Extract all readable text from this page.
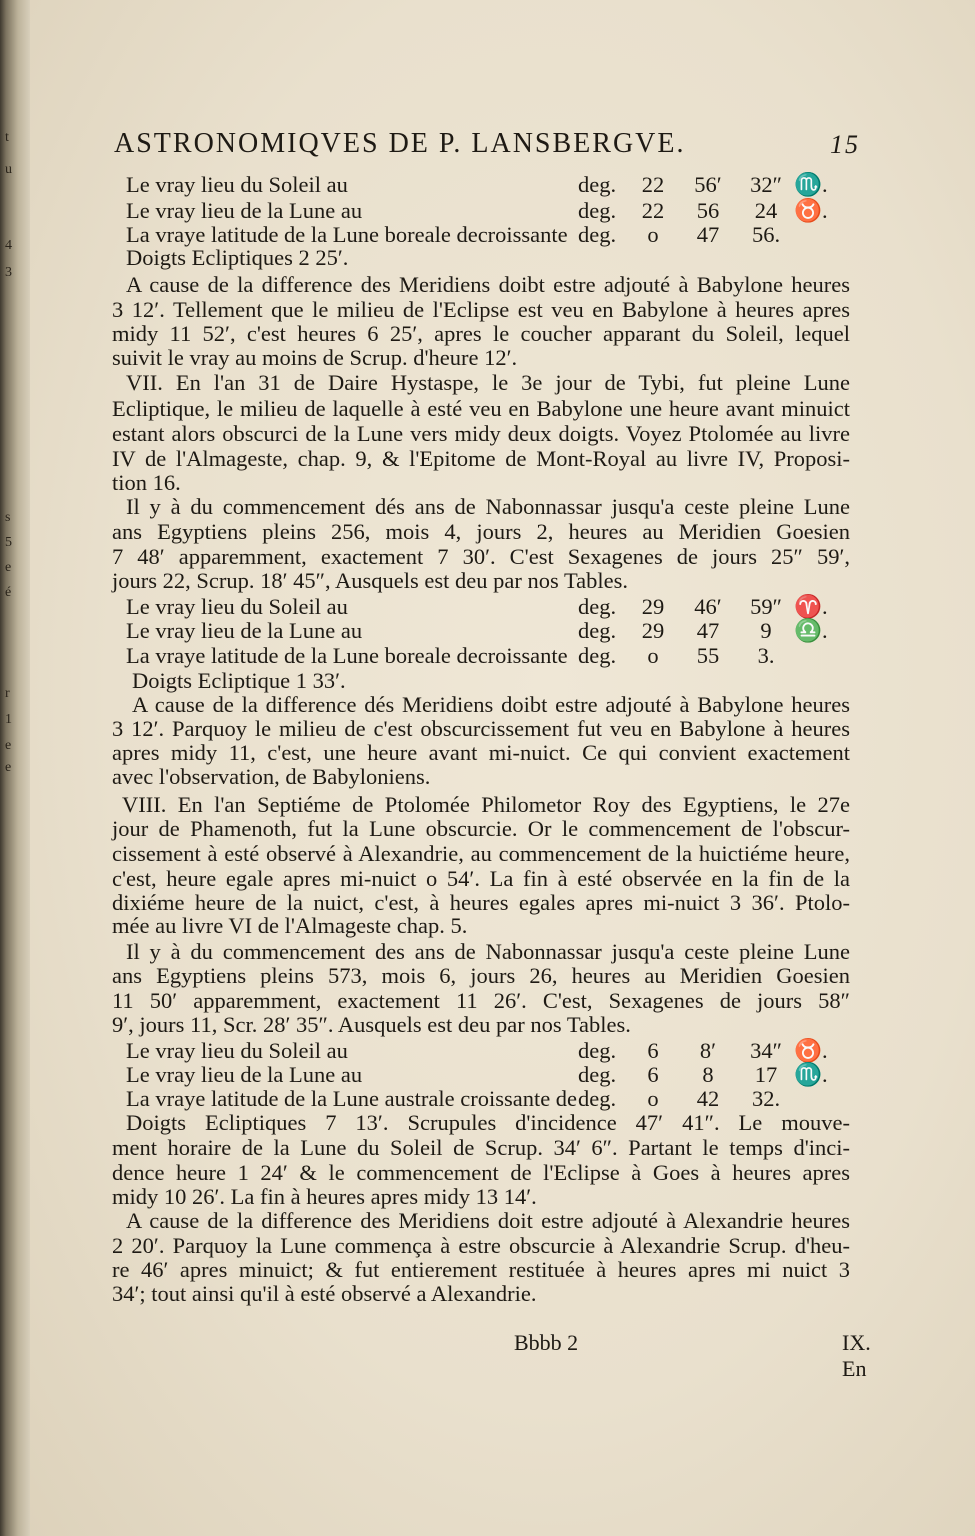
t
u
4
3
s
5
e
é
r
1
e
e
ASTRONOMIQVES DE P. LANSBERGVE.	15
Le vray lieu du Soleil au	deg. 22 56′ 32″ ♏.
Le vray lieu de la Lune au	deg. 22	56	24 ♉.
La vraye latitude de la Lune boreale decroissante deg.	o	47	56.
Doigts Ecliptiques 2 25′.
A cause de la difference des Meridiens doibt estre adjouté à Babylone heures
3 12′. Tellement que le milieu de l'Eclipse est veu en Babylone à heures apres
midy 11 52′, c'est heures 6 25′, apres le coucher apparant du Soleil, lequel
suivit le vray au moins de Scrup. d'heure 12′.
VII. En l'an 31 de Daire Hystaspe, le 3e jour de Tybi, fut pleine Lune
Ecliptique, le milieu de laquelle à esté veu en Babylone une heure avant minuict
estant alors obscurci de la Lune vers midy deux doigts. Voyez Ptolomée au livre
IV de l'Almageste, chap. 9, & l'Epitome de Mont-Royal au livre IV, Proposi-
tion 16.
Il y à du commencement dés ans de Nabonnassar jusqu'a ceste pleine Lune
ans Egyptiens pleins 256, mois 4, jours 2, heures au Meridien Goesien
7 48′ apparemment, exactement 7 30′. C'est Sexagenes de jours 25″ 59′,
jours 22, Scrup. 18′ 45″, Ausquels est deu par nos Tables.
Le vray lieu du Soleil au	deg. 29 46′ 59″ ♈.
Le vray lieu de la Lune au	deg. 29	47	9 ♎.
La vraye latitude de la Lune boreale decroissante deg.	o	55	3.
Doigts Ecliptique 1 33′.
A cause de la difference dés Meridiens doibt estre adjouté à Babylone heures
3 12′. Parquoy le milieu de c'est obscurcissement fut veu en Babylone à heures
apres midy 11, c'est, une heure avant mi-nuict. Ce qui convient exactement
avec l'observation, de Babyloniens.
VIII. En l'an Septiéme de Ptolomée Philometor Roy des Egyptiens, le 27e
jour de Phamenoth, fut la Lune obscurcie. Or le commencement de l'obscur-
cissement à esté observé à Alexandrie, au commencement de la huictiéme heure,
c'est, heure egale apres mi-nuict o 54′. La fin à esté observée en la fin de la
dixiéme heure de la nuict, c'est, à heures egales apres mi-nuict 3 36′. Ptolo-
mée au livre VI de l'Almageste chap. 5.
Il y à du commencement des ans de Nabonnassar jusqu'a ceste pleine Lune
ans Egyptiens pleins 573, mois 6, jours 26, heures au Meridien Goesien
11 50′ apparemment, exactement 11 26′. C'est, Sexagenes de jours 58″
9′, jours 11, Scr. 28′ 35″. Ausquels est deu par nos Tables.
Le vray lieu du Soleil au	deg.	6	8′	34″ ♉.
Le vray lieu de la Lune au	deg.	6	8	17 ♏.
La vraye latitude de la Lune australe croissante de deg.	o	42	32.
Doigts Ecliptiques 7 13′. Scrupules d'incidence 47′ 41″. Le mouve-
ment horaire de la Lune du Soleil de Scrup. 34′ 6″. Partant le temps d'inci-
dence heure 1 24′ & le commencement de l'Eclipse à Goes à heures apres
midy 10 26′. La fin à heures apres midy 13 14′.
A cause de la difference des Meridiens doit estre adjouté à Alexandrie heures
2 20′. Parquoy la Lune commença à estre obscurcie à Alexandrie Scrup. d'heu-
re 46′ apres minuict; & fut entierement restituée à heures apres mi nuict 3
34′; tout ainsi qu'il à esté observé a Alexandrie.
Bbbb 2	IX. En
